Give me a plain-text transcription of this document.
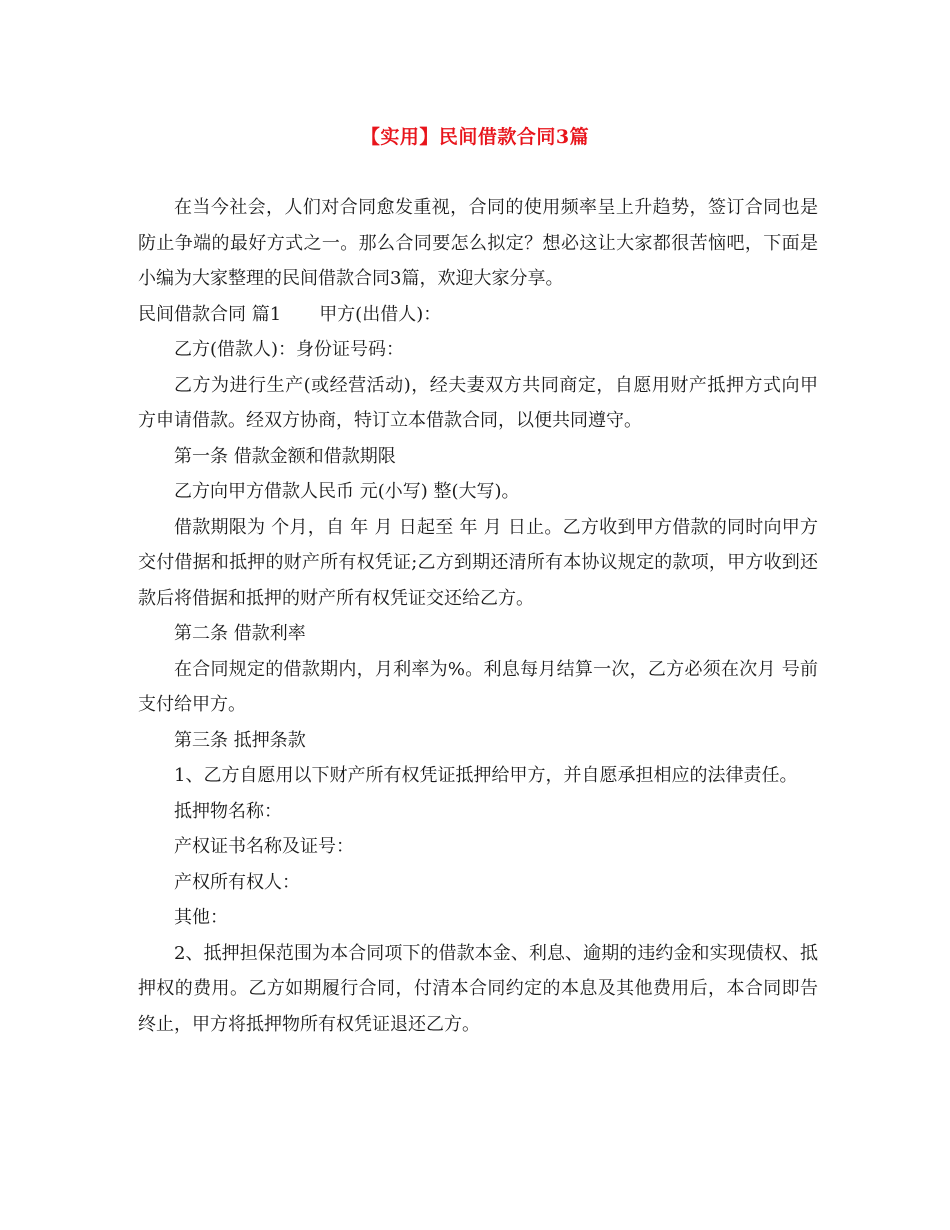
【实用】民间借款合同3篇

在当今社会，人们对合同愈发重视，合同的使用频率呈上升趋势，签订合同也是防止争端的最好方式之一。那么合同要怎么拟定？想必这让大家都很苦恼吧，下面是小编为大家整理的民间借款合同3篇，欢迎大家分享。

民间借款合同 篇1 甲方(出借人)：

乙方(借款人)：身份证号码：

乙方为进行生产(或经营活动)，经夫妻双方共同商定，自愿用财产抵押方式向甲方申请借款。经双方协商，特订立本借款合同，以便共同遵守。

第一条 借款金额和借款期限

乙方向甲方借款人民币 元(小写) 整(大写)。

借款期限为 个月，自 年 月 日起至 年 月 日止。乙方收到甲方借款的同时向甲方交付借据和抵押的财产所有权凭证;乙方到期还清所有本协议规定的款项，甲方收到还款后将借据和抵押的财产所有权凭证交还给乙方。

第二条 借款利率

在合同规定的借款期内，月利率为%。利息每月结算一次，乙方必须在次月 号前支付给甲方。

第三条 抵押条款

1、乙方自愿用以下财产所有权凭证抵押给甲方，并自愿承担相应的法律责任。

抵押物名称：

产权证书名称及证号：

产权所有权人：

其他：

2、抵押担保范围为本合同项下的借款本金、利息、逾期的违约金和实现债权、抵押权的费用。乙方如期履行合同，付清本合同约定的本息及其他费用后，本合同即告终止，甲方将抵押物所有权凭证退还乙方。
